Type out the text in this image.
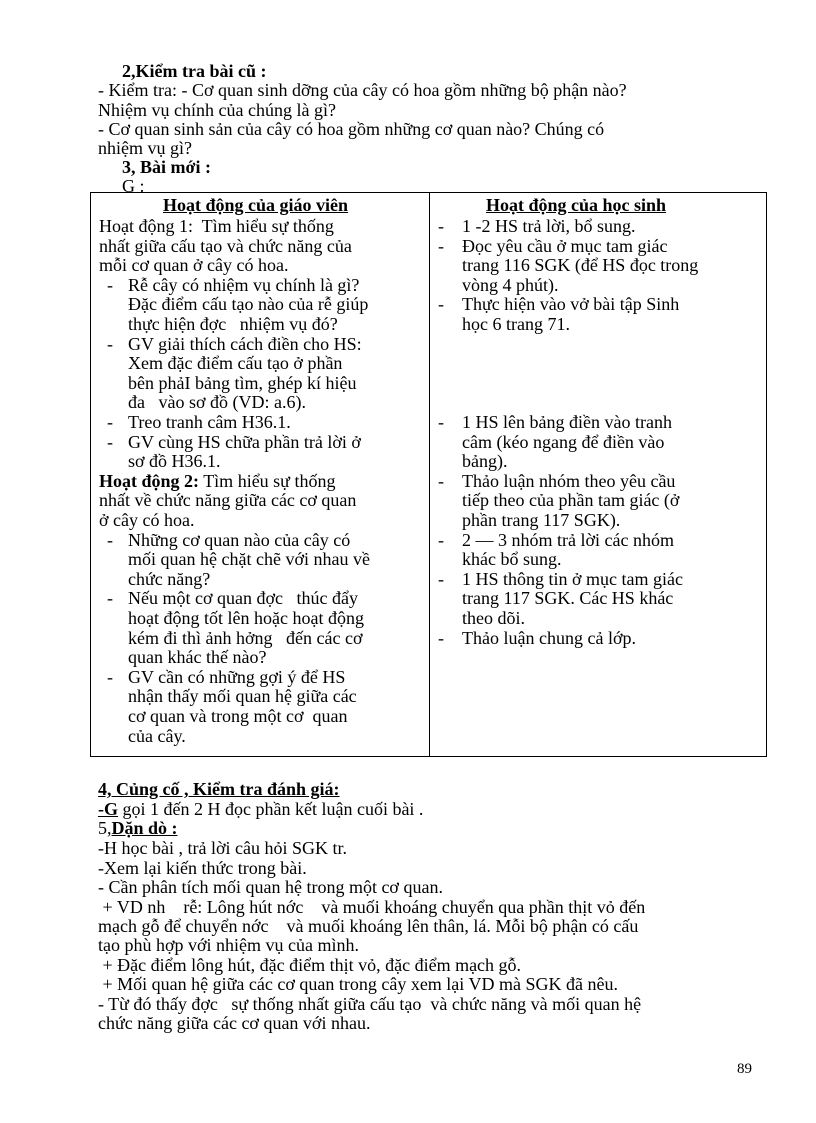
2,Kiểm tra bài cũ :
- Kiểm tra: - Cơ quan sinh dỡng của cây có hoa gồm những bộ phận nào?
Nhiệm vụ chính của chúng là gì?
- Cơ quan sinh sản của cây có hoa gồm những cơ quan nào? Chúng có
nhiệm vụ gì?
3, Bài mới :
G :
Hoạt động của giáo viên	Hoạt động của học sinh
Hoạt động 1:  Tìm hiểu sự thống
nhất giữa cấu tạo và chức năng của
mỗi cơ quan ở cây có hoa.
- Rễ cây có nhiệm vụ chính là gì?
Đặc điểm cấu tạo nào của rễ giúp
thực hiện đợc   nhiệm vụ đó?
- GV giải thích cách điền cho HS:
Xem đặc điểm cấu tạo ở phần
bên phảI bảng tìm, ghép kí hiệu
đa   vào sơ đồ (VD: a.6).
- Treo tranh câm H36.1.
- GV cùng HS chữa phần trả lời ở
sơ đồ H36.1.
Hoạt động 2: Tìm hiểu sự thống
nhất về chức năng giữa các cơ quan
ở cây có hoa.
- Những cơ quan nào của cây có
mối quan hệ chặt chẽ với nhau về
chức năng?
- Nếu một cơ quan đợc   thúc đẩy
hoạt động tốt lên hoặc hoạt động
kém đi thì ảnh hởng   đến các cơ
quan khác thế nào?
- GV cần có những gợi ý để HS
nhận thấy mối quan hệ giữa các
cơ quan và trong một cơ  quan
của cây.
- 1 -2 HS trả lời, bổ sung.
- Đọc yêu cầu ở mục tam giác
trang 116 SGK (để HS đọc trong
vòng 4 phút).
- Thực hiện vào vở bài tập Sinh
học 6 trang 71.
- 1 HS lên bảng điền vào tranh
câm (kéo ngang để điền vào
bảng).
- Thảo luận nhóm theo yêu cầu
tiếp theo của phần tam giác (ở
phần trang 117 SGK).
- 2 — 3 nhóm trả lời các nhóm
khác bổ sung.
- 1 HS thông tin ở mục tam giác
trang 117 SGK. Các HS khác
theo dõi.
- Thảo luận chung cả lớp.
4, Củng cố , Kiểm tra đánh giá:
-G gọi 1 đến 2 H đọc phần kết luận cuối bài .
5,Dặn dò :
-H học bài , trả lời câu hỏi SGK tr.
-Xem lại kiến thức trong bài.
- Cần phân tích mối quan hệ trong một cơ quan.
+ VD nh    rễ: Lông hút nớc    và muối khoáng chuyển qua phần thịt vỏ đến
mạch gỗ để chuyển nớc    và muối khoáng lên thân, lá. Mỗi bộ phận có cấu
tạo phù hợp với nhiệm vụ của mình.
+ Đặc điểm lông hút, đặc điểm thịt vỏ, đặc điểm mạch gỗ.
+ Mối quan hệ giữa các cơ quan trong cây xem lại VD mà SGK đã nêu.
- Từ đó thấy đợc   sự thống nhất giữa cấu tạo  và chức năng và mối quan hệ
chức năng giữa các cơ quan với nhau.
89
